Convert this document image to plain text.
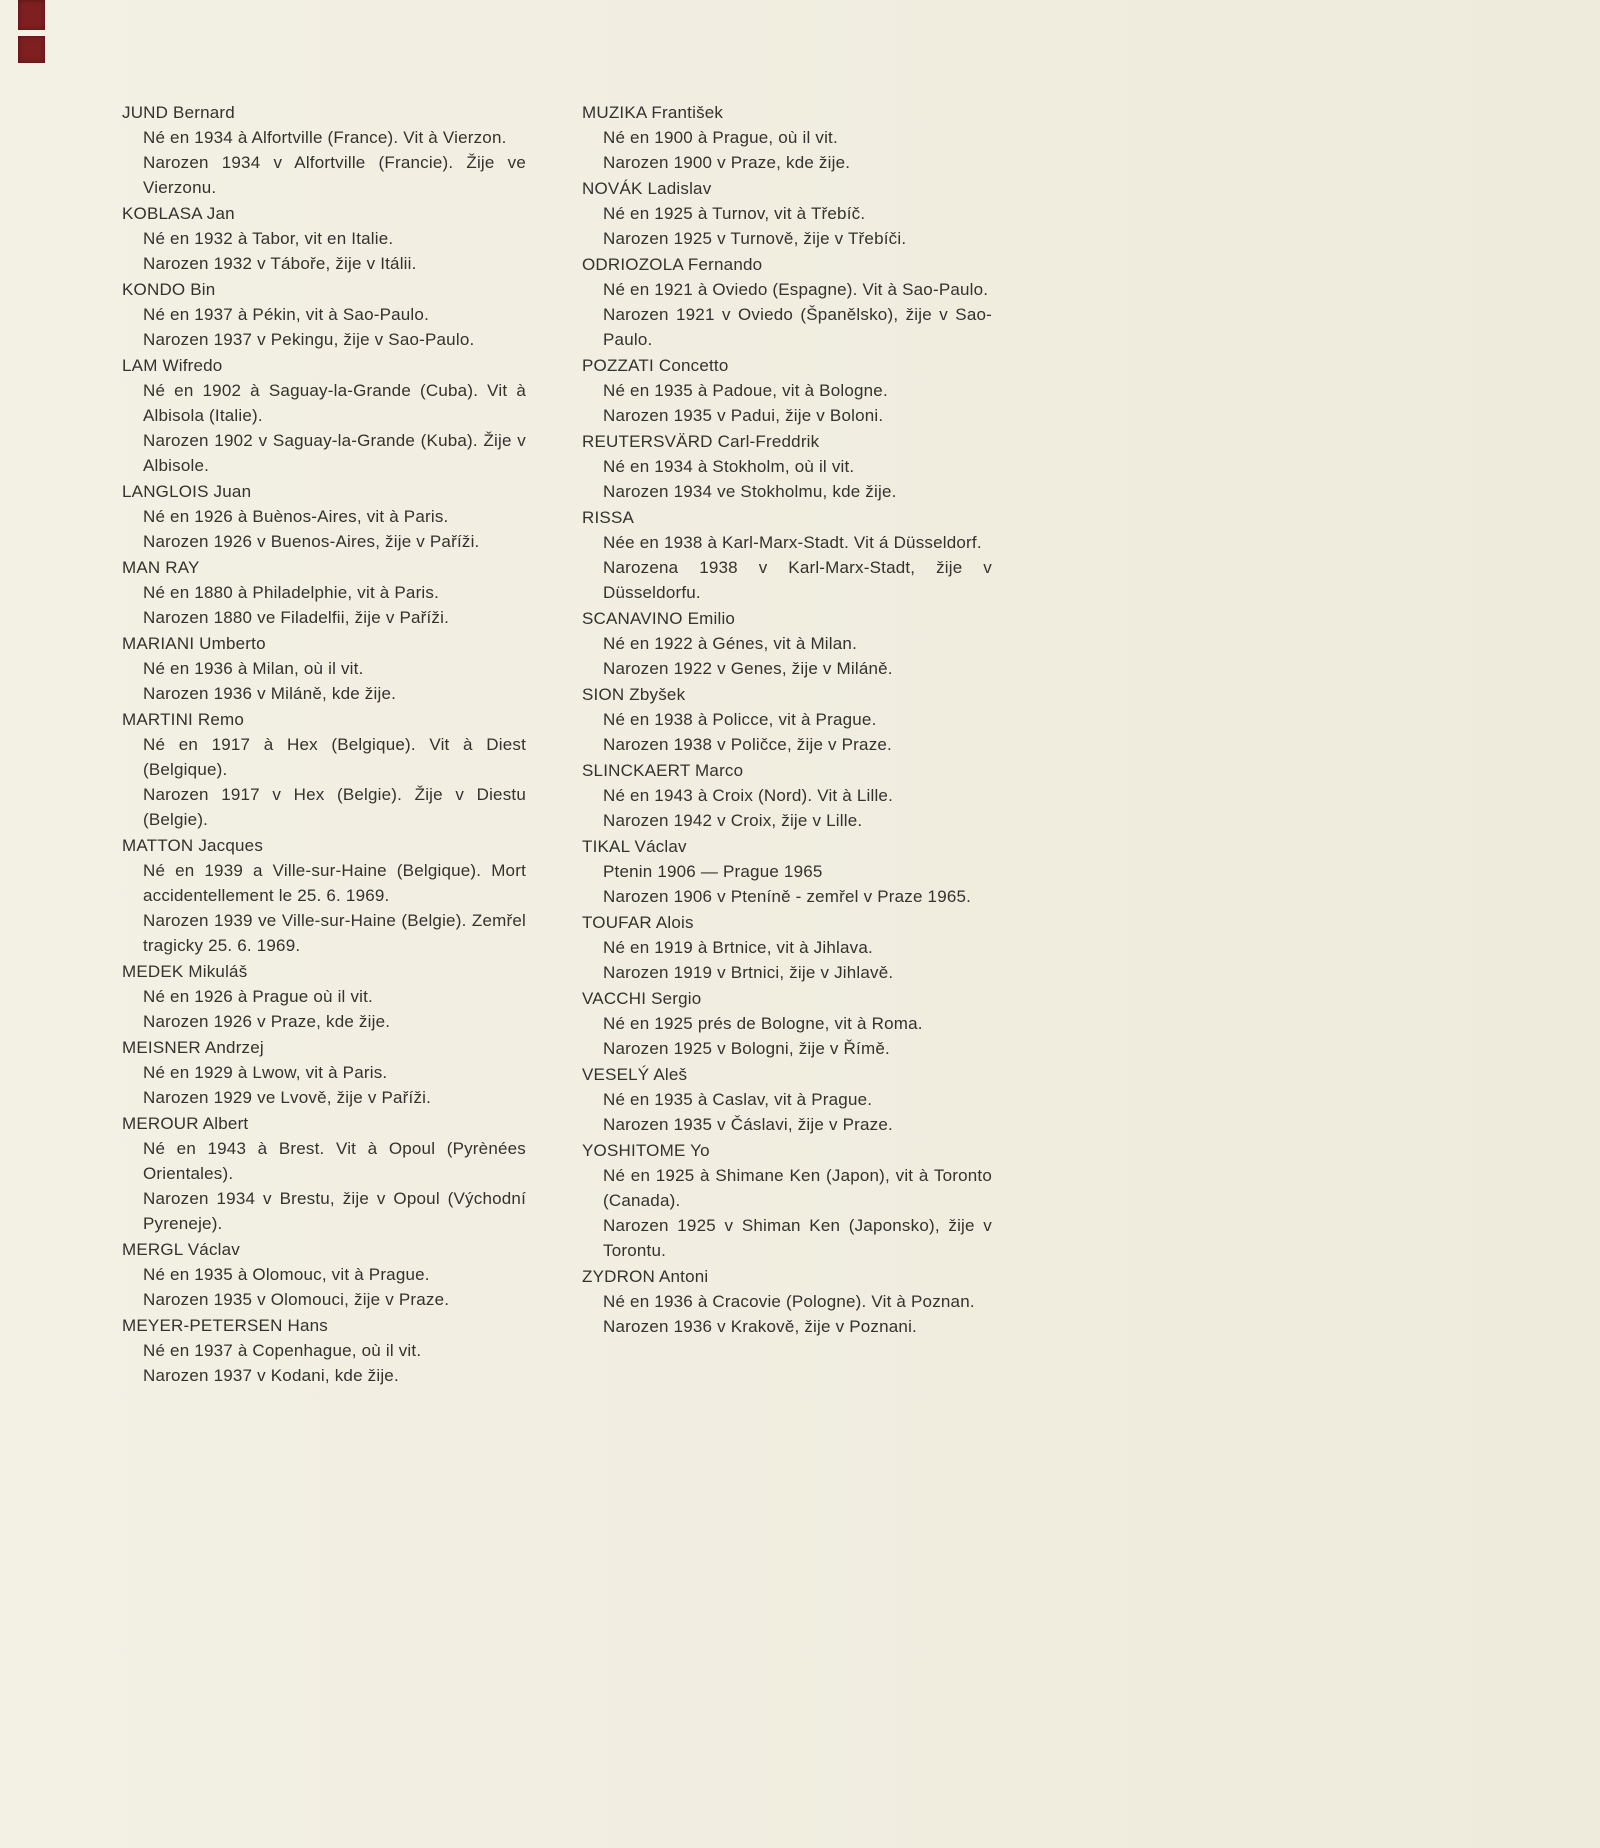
JUND Bernard

Né en 1934 à Alfortville (France). Vit à Vierzon.

Narozen 1934 v Alfortville (Francie). Žije ve Vierzonu.

KOBLASA Jan

Né en 1932 à Tabor, vit en Italie.

Narozen 1932 v Táboře, žije v Itálii.

KONDO Bin

Né en 1937 à Pékin, vit à Sao-Paulo.

Narozen 1937 v Pekingu, žije v Sao-Paulo.

LAM Wifredo

Né en 1902 à Saguay-la-Grande (Cuba). Vit à Albisola (Italie).

Narozen 1902 v Saguay-la-Grande (Kuba). Žije v Albisole.

LANGLOIS Juan

Né en 1926 à Buènos-Aires, vit à Paris.

Narozen 1926 v Buenos-Aires, žije v Paříži.

MAN RAY

Né en 1880 à Philadelphie, vit à Paris.

Narozen 1880 ve Filadelfii, žije v Paříži.

MARIANI Umberto

Né en 1936 à Milan, où il vit.

Narozen 1936 v Miláně, kde žije.

MARTINI Remo

Né en 1917 à Hex (Belgique). Vit à Diest (Belgique).

Narozen 1917 v Hex (Belgie). Žije v Diestu (Belgie).

MATTON Jacques

Né en 1939 a Ville-sur-Haine (Belgique). Mort accidentellement le 25. 6. 1969.

Narozen 1939 ve Ville-sur-Haine (Belgie). Zemřel tragicky 25. 6. 1969.

MEDEK Mikuláš

Né en 1926 à Prague où il vit.

Narozen 1926 v Praze, kde žije.

MEISNER Andrzej

Né en 1929 à Lwow, vit à Paris.

Narozen 1929 ve Lvově, žije v Paříži.

MEROUR Albert

Né en 1943 à Brest. Vit à Opoul (Pyrènées Orientales).

Narozen 1934 v Brestu, žije v Opoul (Východní Pyreneje).

MERGL Václav

Né en 1935 à Olomouc, vit à Prague.

Narozen 1935 v Olomouci, žije v Praze.

MEYER-PETERSEN Hans

Né en 1937 à Copenhague, où il vit.

Narozen 1937 v Kodani, kde žije.

MUZIKA František

Né en 1900 à Prague, où il vit.

Narozen 1900 v Praze, kde žije.

NOVÁK Ladislav

Né en 1925 à Turnov, vit à Třebíč.

Narozen 1925 v Turnově, žije v Třebíči.

ODRIOZOLA Fernando

Né en 1921 à Oviedo (Espagne). Vit à Sao-Paulo.

Narozen 1921 v Oviedo (Španělsko), žije v Sao-Paulo.

POZZATI Concetto

Né en 1935 à Padoue, vit à Bologne.

Narozen 1935 v Padui, žije v Boloni.

REUTERSVÄRD Carl-Freddrik

Né en 1934 à Stokholm, où il vit.

Narozen 1934 ve Stokholmu, kde žije.

RISSA

Née en 1938 à Karl-Marx-Stadt. Vit á Düsseldorf.

Narozena 1938 v Karl-Marx-Stadt, žije v Düsseldorfu.

SCANAVINO Emilio

Né en 1922 à Génes, vit à Milan.

Narozen 1922 v Genes, žije v Miláně.

SION Zbyšek

Né en 1938 à Policce, vit à Prague.

Narozen 1938 v Poličce, žije v Praze.

SLINCKAERT Marco

Né en 1943 à Croix (Nord). Vit à Lille.

Narozen 1942 v Croix, žije v Lille.

TIKAL Václav

Ptenin 1906 — Prague 1965

Narozen 1906 v Pteníně - zemřel v Praze 1965.

TOUFAR Alois

Né en 1919 à Brtnice, vit à Jihlava.

Narozen 1919 v Brtnici, žije v Jihlavě.

VACCHI Sergio

Né en 1925 prés de Bologne, vit à Roma.

Narozen 1925 v Bologni, žije v Římě.

VESELÝ Aleš

Né en 1935 à Caslav, vit à Prague.

Narozen 1935 v Čáslavi, žije v Praze.

YOSHITOME Yo

Né en 1925 à Shimane Ken (Japon), vit à Toronto (Canada).

Narozen 1925 v Shiman Ken (Japonsko), žije v Torontu.

ZYDRON Antoni

Né en 1936 à Cracovie (Pologne). Vit à Poznan.

Narozen 1936 v Krakově, žije v Poznani.
